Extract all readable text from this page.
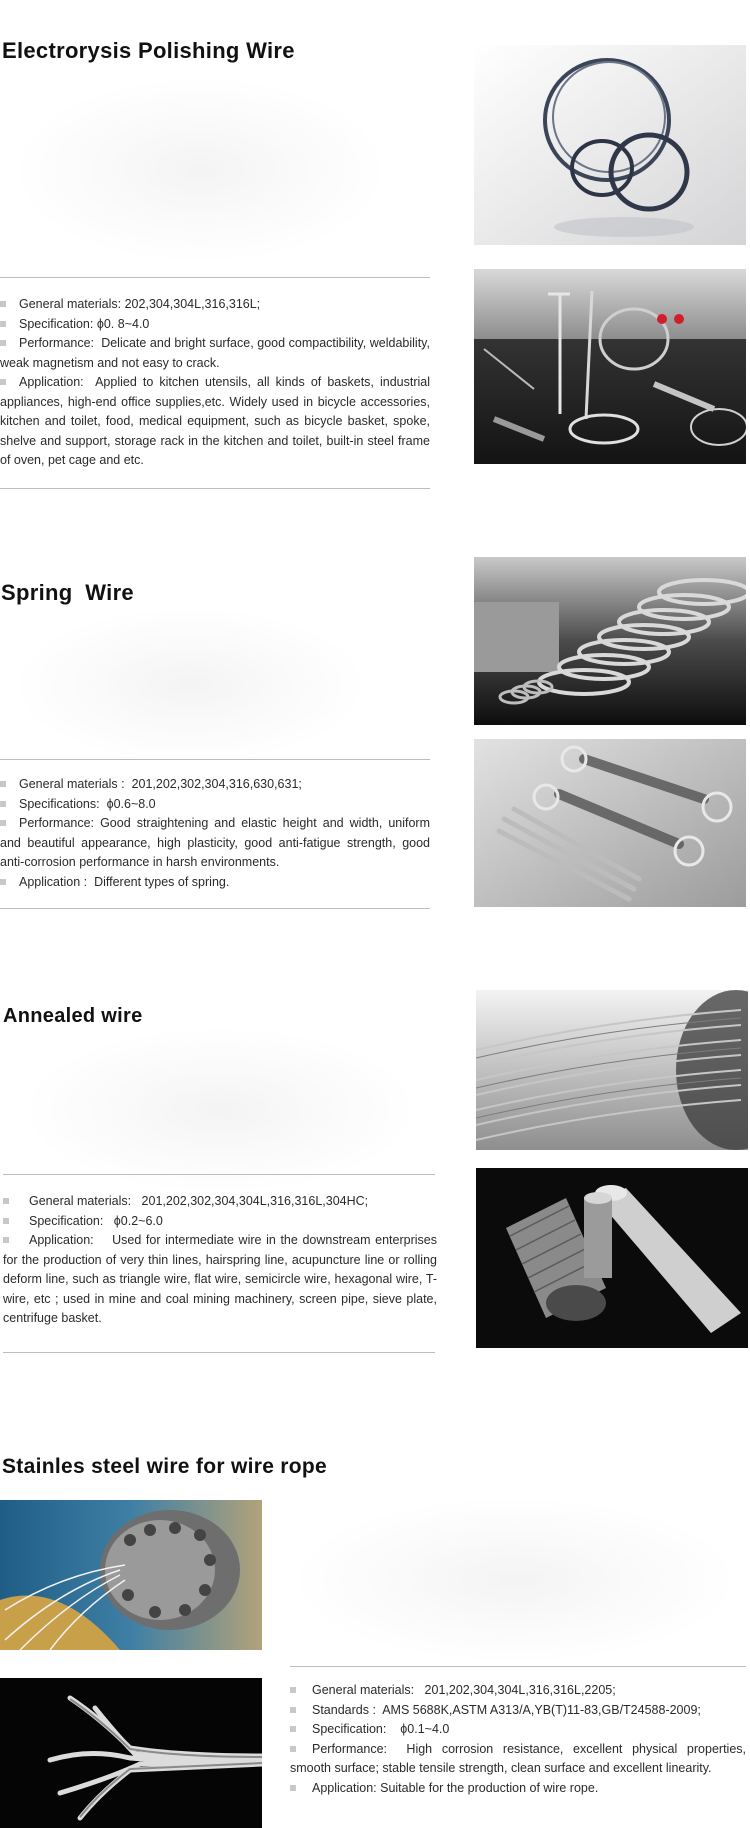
Electrorysis Polishing Wire

General materials: 202,304,304L,316,316L;

Specification: ϕ0. 8~4.0

Performance: Delicate and bright surface, good compactibility, weldability, weak magnetism and not easy to crack.

Application: Applied to kitchen utensils, all kinds of baskets, industrial appliances, high-end office supplies,etc. Widely used in bicycle accessories, kitchen and toilet, food, medical equipment, such as bicycle basket, spoke, shelve and support, storage rack in the kitchen and toilet, built-in steel frame of oven, pet cage and etc.

Spring  Wire

General materials : 201,202,302,304,316,630,631;

Specifications: ϕ0.6~8.0

Performance: Good straightening and elastic height and width, uniform and beautiful appearance, high plasticity, good anti-fatigue strength, good anti-corrosion performance in harsh environments.

Application : Different types of spring.

Annealed wire

General materials: 201,202,302,304,304L,316,316L,304HC;

Specification: ϕ0.2~6.0

Application: Used for intermediate wire in the downstream enterprises for the production of very thin lines, hairspring line, acupuncture line or rolling deform line, such as triangle wire, flat wire, semicircle wire, hexagonal wire, T-wire, etc ; used in mine and coal mining machinery, screen pipe, sieve plate, centrifuge basket.

Stainles steel wire for wire rope

General materials: 201,202,304,304L,316,316L,2205;

Standards : AMS 5688K,ASTM A313/A,YB(T)11-83,GB/T24588-2009;

Specification: ϕ0.1~4.0

Performance: High corrosion resistance, excellent physical properties, smooth surface; stable tensile strength, clean surface and excellent linearity.

Application: Suitable for the production of wire rope.
